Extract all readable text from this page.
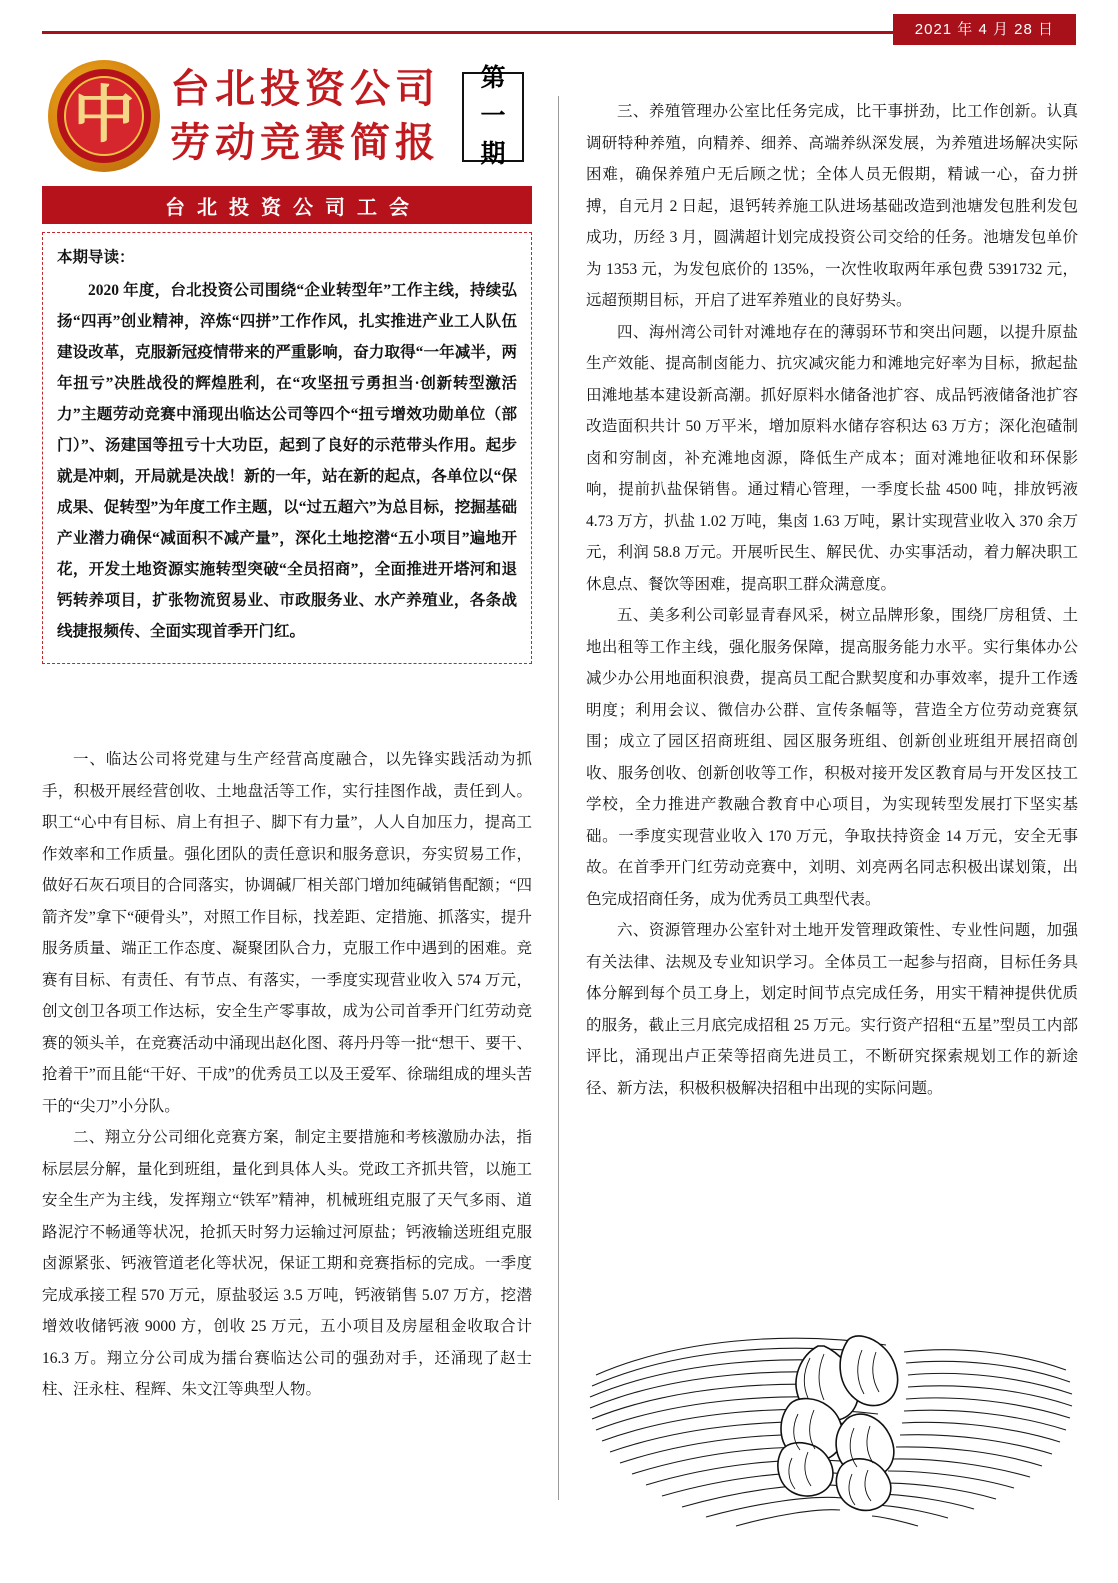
2021 年 4 月 28 日
中 台北投资公司
劳动竞赛简报
第
一
期
台北投资公司工会
本期导读：
2020 年度，台北投资公司围绕“企业转型年”工作主线，持续弘扬“四再”创业精神，淬炼“四拼”工作作风，扎实推进产业工人队伍建设改革，克服新冠疫情带来的严重影响，奋力取得“一年减半，两年扭亏”决胜战役的辉煌胜利，在“攻坚扭亏勇担当·创新转型激活力”主题劳动竞赛中涌现出临达公司等四个“扭亏增效功勋单位（部门）”、汤建国等扭亏十大功臣，起到了良好的示范带头作用。起步就是冲刺，开局就是决战！新的一年，站在新的起点，各单位以“保成果、促转型”为年度工作主题，以“过五超六”为总目标，挖掘基础产业潜力确保“减面积不减产量”，深化土地挖潜“五小项目”遍地开花，开发土地资源实施转型突破“全员招商”，全面推进开塔河和退钙转养项目，扩张物流贸易业、市政服务业、水产养殖业，各条战线捷报频传、全面实现首季开门红。

一、临达公司将党建与生产经营高度融合，以先锋实践活动为抓手，积极开展经营创收、土地盘活等工作，实行挂图作战，责任到人。职工“心中有目标、肩上有担子、脚下有力量”，人人自加压力，提高工作效率和工作质量。强化团队的责任意识和服务意识，夯实贸易工作，做好石灰石项目的合同落实，协调碱厂相关部门增加纯碱销售配额；“四箭齐发”拿下“硬骨头”，对照工作目标，找差距、定措施、抓落实，提升服务质量、端正工作态度、凝聚团队合力，克服工作中遇到的困难。竞赛有目标、有责任、有节点、有落实，一季度实现营业收入 574 万元，创文创卫各项工作达标，安全生产零事故，成为公司首季开门红劳动竞赛的领头羊，在竞赛活动中涌现出赵化图、蒋丹丹等一批“想干、要干、抢着干”而且能“干好、干成”的优秀员工以及王爱军、徐瑞组成的埋头苦干的“尖刀”小分队。

二、翔立分公司细化竞赛方案，制定主要措施和考核激励办法，指标层层分解，量化到班组，量化到具体人头。党政工齐抓共管，以施工安全生产为主线，发挥翔立“铁军”精神，机械班组克服了天气多雨、道路泥泞不畅通等状况，抢抓天时努力运输过河原盐；钙液输送班组克服卤源紧张、钙液管道老化等状况，保证工期和竞赛指标的完成。一季度完成承接工程 570 万元，原盐驳运 3.5 万吨，钙液销售 5.07 万方，挖潜增效收储钙液 9000 方，创收 25 万元，五小项目及房屋租金收取合计 16.3 万。翔立分公司成为擂台赛临达公司的强劲对手，还涌现了赵士柱、汪永柱、程辉、朱文江等典型人物。

三、养殖管理办公室比任务完成，比干事拼劲，比工作创新。认真调研特种养殖，向精养、细养、高端养纵深发展，为养殖进场解决实际困难，确保养殖户无后顾之忧；全体人员无假期，精诚一心，奋力拼搏，自元月 2 日起，退钙转养施工队进场基础改造到池塘发包胜利发包成功，历经 3 月，圆满超计划完成投资公司交给的任务。池塘发包单价为 1353 元，为发包底价的 135%，一次性收取两年承包费 5391732 元，远超预期目标，开启了进军养殖业的良好势头。

四、海州湾公司针对滩地存在的薄弱环节和突出问题，以提升原盐生产效能、提高制卤能力、抗灾减灾能力和滩地完好率为目标，掀起盐田滩地基本建设新高潮。抓好原料水储备池扩容、成品钙液储备池扩容改造面积共计 50 万平米，增加原料水储存容积达 63 万方；深化泡碴制卤和穷制卤，补充滩地卤源，降低生产成本；面对滩地征收和环保影响，提前扒盐保销售。通过精心管理，一季度长盐 4500 吨，排放钙液 4.73 万方，扒盐 1.02 万吨，集卤 1.63 万吨，累计实现营业收入 370 余万元，利润 58.8 万元。开展听民生、解民优、办实事活动，着力解决职工休息点、餐饮等困难，提高职工群众满意度。

五、美多利公司彰显青春风采，树立品牌形象，围绕厂房租赁、土地出租等工作主线，强化服务保障，提高服务能力水平。实行集体办公减少办公用地面积浪费，提高员工配合默契度和办事效率，提升工作透明度；利用会议、微信办公群、宣传条幅等，营造全方位劳动竞赛氛围；成立了园区招商班组、园区服务班组、创新创业班组开展招商创收、服务创收、创新创收等工作，积极对接开发区教育局与开发区技工学校，全力推进产教融合教育中心项目，为实现转型发展打下坚实基础。一季度实现营业收入 170 万元，争取扶持资金 14 万元，安全无事故。在首季开门红劳动竞赛中，刘明、刘亮两名同志积极出谋划策，出色完成招商任务，成为优秀员工典型代表。

六、资源管理办公室针对土地开发管理政策性、专业性问题，加强有关法律、法规及专业知识学习。全体员工一起参与招商，目标任务具体分解到每个员工身上，划定时间节点完成任务，用实干精神提供优质的服务，截止三月底完成招租 25 万元。实行资产招租“五星”型员工内部评比，涌现出卢正荣等招商先进员工，不断研究探索规划工作的新途径、新方法，积极积极解决招租中出现的实际问题。
